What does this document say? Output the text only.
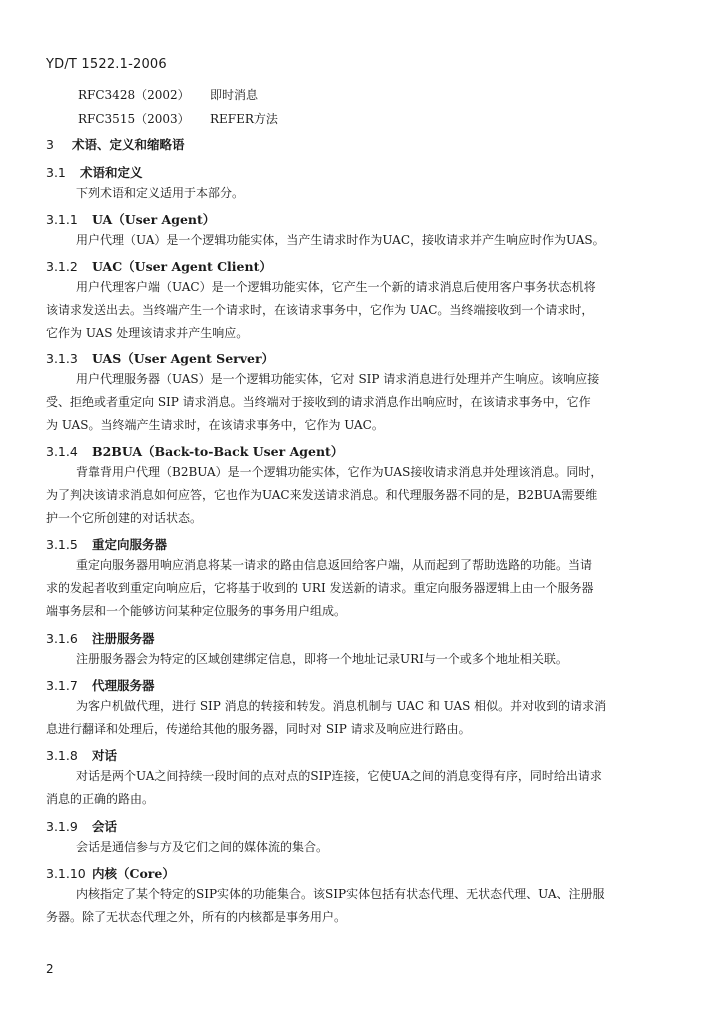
YD/T 1522.1-2006
RFC3428（2002） 即时消息
RFC3515（2003） REFER方法
3 术语、定义和缩略语
3.1 术语和定义
下列术语和定义适用于本部分。
3.1.1 UA（User Agent）
用户代理（UA）是一个逻辑功能实体，当产生请求时作为UAC，接收请求并产生响应时作为UAS。
3.1.2 UAC（User Agent Client）
用户代理客户端（UAC）是一个逻辑功能实体，它产生一个新的请求消息后使用客户事务状态机将
该请求发送出去。当终端产生一个请求时，在该请求事务中，它作为 UAC。当终端接收到一个请求时，
它作为 UAS 处理该请求并产生响应。
3.1.3 UAS（User Agent Server）
用户代理服务器（UAS）是一个逻辑功能实体，它对 SIP 请求消息进行处理并产生响应。该响应接
受、拒绝或者重定向 SIP 请求消息。当终端对于接收到的请求消息作出响应时，在该请求事务中，它作
为 UAS。当终端产生请求时，在该请求事务中，它作为 UAC。
3.1.4 B2BUA（Back-to-Back User Agent）
背靠背用户代理（B2BUA）是一个逻辑功能实体，它作为UAS接收请求消息并处理该消息。同时，
为了判决该请求消息如何应答，它也作为UAC来发送请求消息。和代理服务器不同的是，B2BUA需要维
护一个它所创建的对话状态。
3.1.5 重定向服务器
重定向服务器用响应消息将某一请求的路由信息返回给客户端，从而起到了帮助选路的功能。当请
求的发起者收到重定向响应后，它将基于收到的 URI 发送新的请求。重定向服务器逻辑上由一个服务器
端事务层和一个能够访问某种定位服务的事务用户组成。
3.1.6 注册服务器
注册服务器会为特定的区域创建绑定信息，即将一个地址记录URI与一个或多个地址相关联。
3.1.7 代理服务器
为客户机做代理，进行 SIP 消息的转接和转发。消息机制与 UAC 和 UAS 相似。并对收到的请求消
息进行翻译和处理后，传递给其他的服务器，同时对 SIP 请求及响应进行路由。
3.1.8 对话
对话是两个UA之间持续一段时间的点对点的SIP连接，它使UA之间的消息变得有序，同时给出请求
消息的正确的路由。
3.1.9 会话
会话是通信参与方及它们之间的媒体流的集合。
3.1.10 内核（Core）
内核指定了某个特定的SIP实体的功能集合。该SIP实体包括有状态代理、无状态代理、UA、注册服
务器。除了无状态代理之外，所有的内核都是事务用户。
2
